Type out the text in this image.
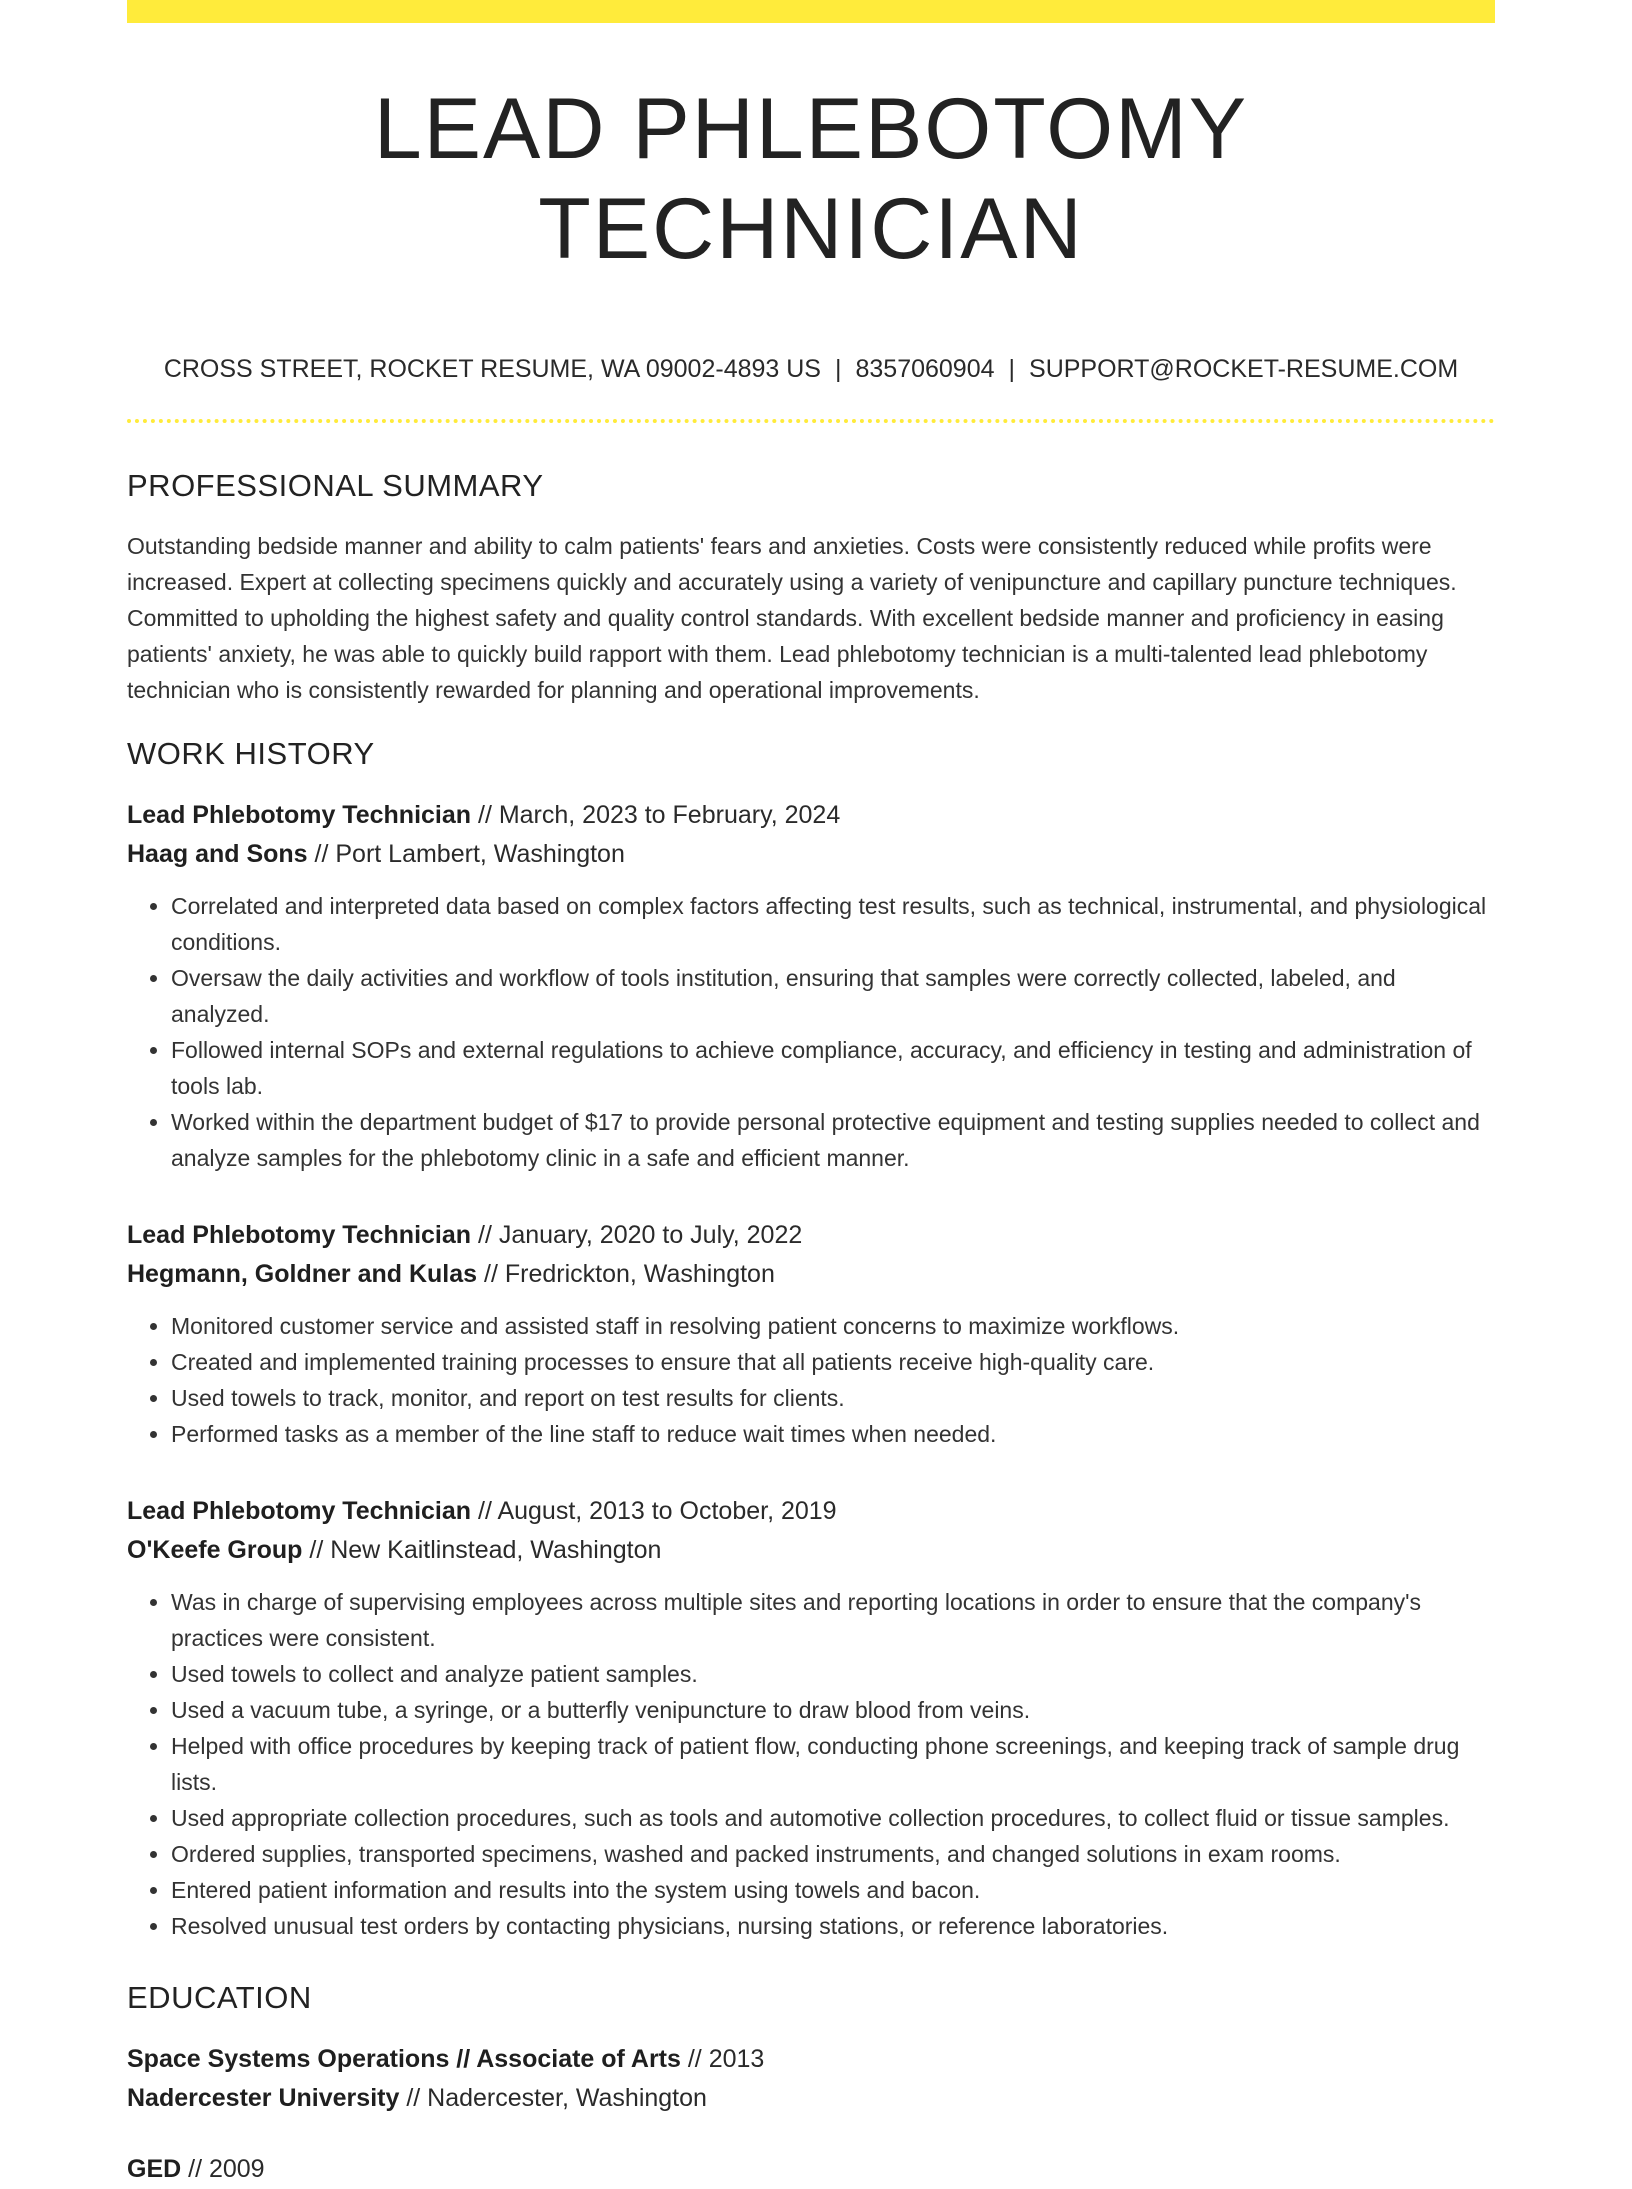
LEAD PHLEBOTOMY TECHNICIAN
CROSS STREET, ROCKET RESUME, WA 09002-4893 US | 8357060904 | SUPPORT@ROCKET-RESUME.COM
PROFESSIONAL SUMMARY
Outstanding bedside manner and ability to calm patients' fears and anxieties. Costs were consistently reduced while profits were increased. Expert at collecting specimens quickly and accurately using a variety of venipuncture and capillary puncture techniques. Committed to upholding the highest safety and quality control standards. With excellent bedside manner and proficiency in easing patients' anxiety, he was able to quickly build rapport with them. Lead phlebotomy technician is a multi-talented lead phlebotomy technician who is consistently rewarded for planning and operational improvements.
WORK HISTORY
Lead Phlebotomy Technician // March, 2023 to February, 2024
Haag and Sons // Port Lambert, Washington
• Correlated and interpreted data based on complex factors affecting test results, such as technical, instrumental, and physiological conditions.
• Oversaw the daily activities and workflow of tools institution, ensuring that samples were correctly collected, labeled, and analyzed.
• Followed internal SOPs and external regulations to achieve compliance, accuracy, and efficiency in testing and administration of tools lab.
• Worked within the department budget of $17 to provide personal protective equipment and testing supplies needed to collect and analyze samples for the phlebotomy clinic in a safe and efficient manner.
Lead Phlebotomy Technician // January, 2020 to July, 2022
Hegmann, Goldner and Kulas // Fredrickton, Washington
• Monitored customer service and assisted staff in resolving patient concerns to maximize workflows.
• Created and implemented training processes to ensure that all patients receive high-quality care.
• Used towels to track, monitor, and report on test results for clients.
• Performed tasks as a member of the line staff to reduce wait times when needed.
Lead Phlebotomy Technician // August, 2013 to October, 2019
O'Keefe Group // New Kaitlinstead, Washington
• Was in charge of supervising employees across multiple sites and reporting locations in order to ensure that the company's practices were consistent.
• Used towels to collect and analyze patient samples.
• Used a vacuum tube, a syringe, or a butterfly venipuncture to draw blood from veins.
• Helped with office procedures by keeping track of patient flow, conducting phone screenings, and keeping track of sample drug lists.
• Used appropriate collection procedures, such as tools and automotive collection procedures, to collect fluid or tissue samples.
• Ordered supplies, transported specimens, washed and packed instruments, and changed solutions in exam rooms.
• Entered patient information and results into the system using towels and bacon.
• Resolved unusual test orders by contacting physicians, nursing stations, or reference laboratories.
EDUCATION
Space Systems Operations // Associate of Arts // 2013
Nadercester University // Nadercester, Washington
GED // 2009
